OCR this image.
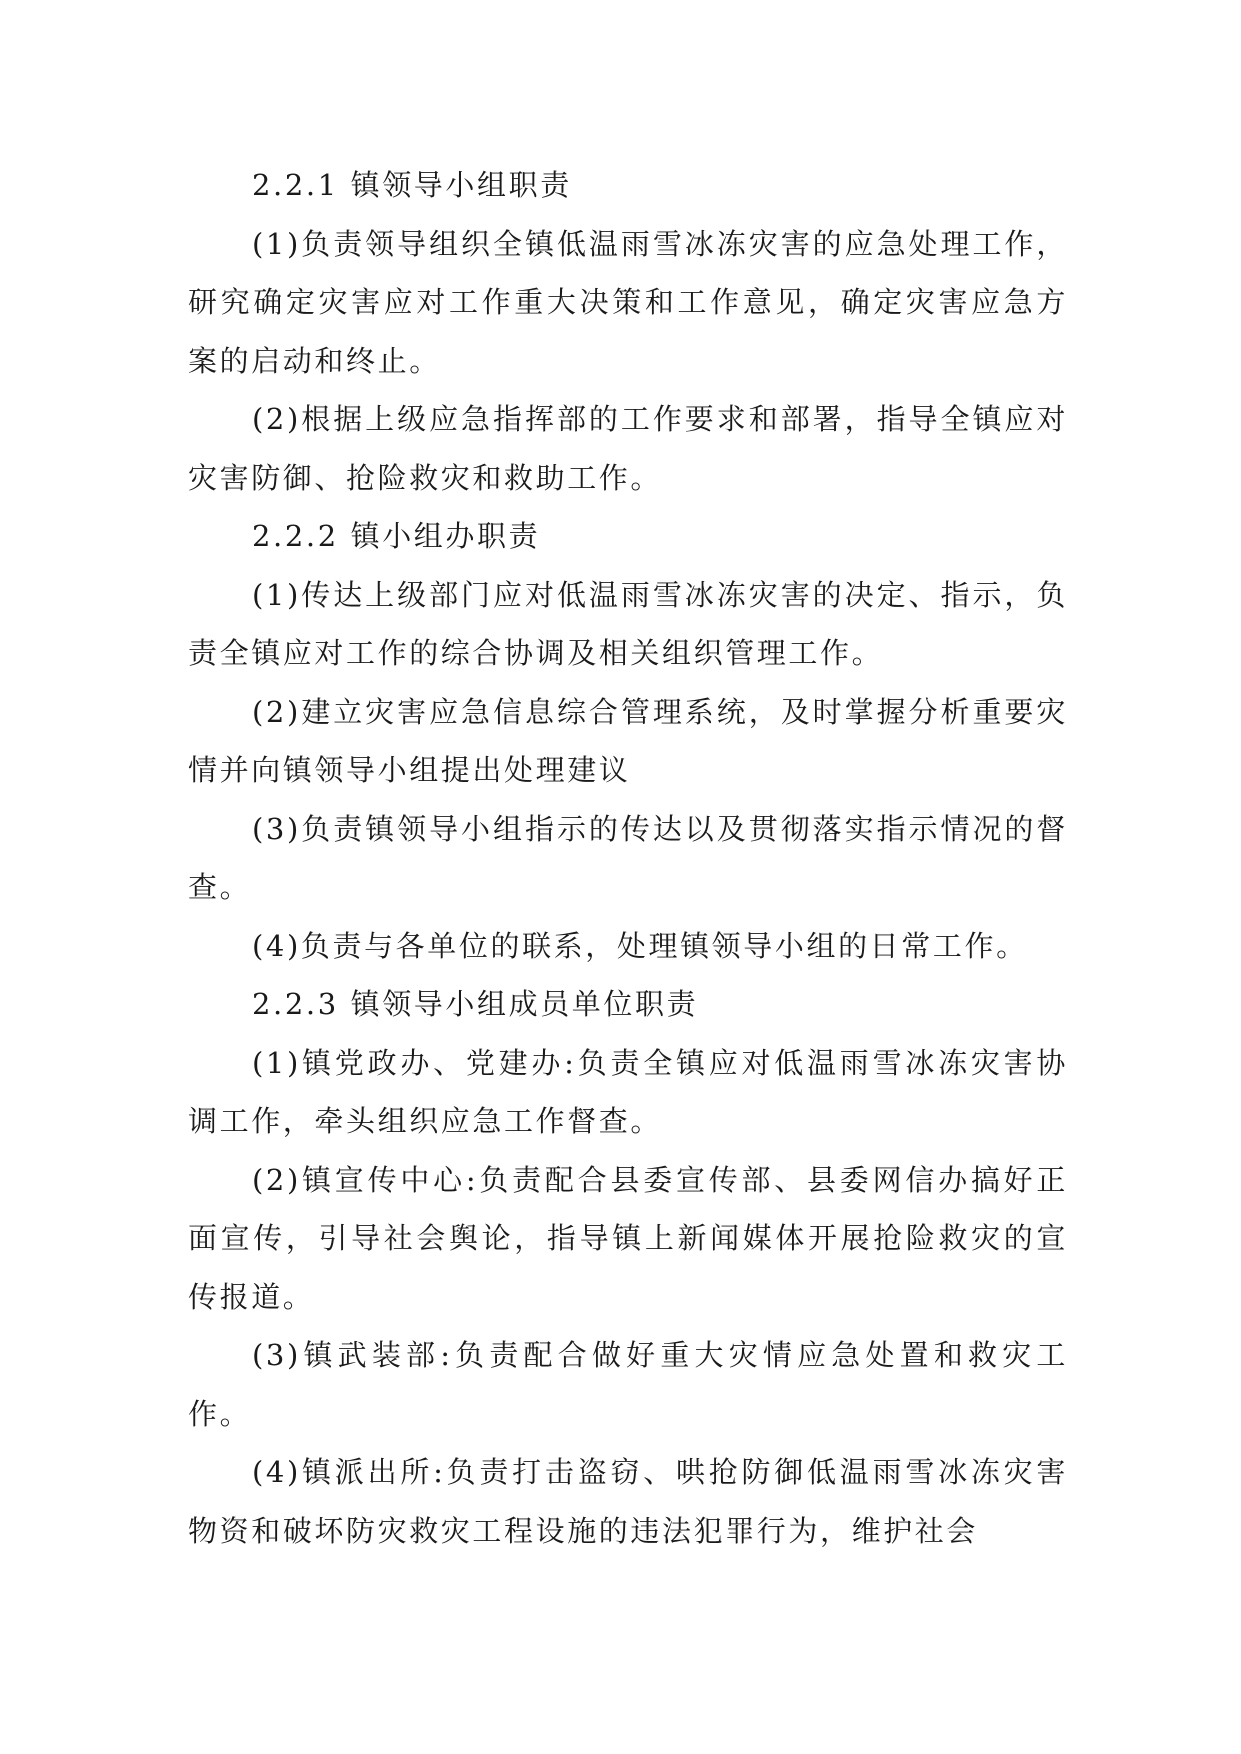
2.2.1 镇领导小组职责

(1)负责领导组织全镇低温雨雪冰冻灾害的应急处理工作，研究确定灾害应对工作重大决策和工作意见，确定灾害应急方案的启动和终止。

(2)根据上级应急指挥部的工作要求和部署，指导全镇应对灾害防御、抢险救灾和救助工作。

2.2.2 镇小组办职责

(1)传达上级部门应对低温雨雪冰冻灾害的决定、指示，负责全镇应对工作的综合协调及相关组织管理工作。

(2)建立灾害应急信息综合管理系统，及时掌握分析重要灾情并向镇领导小组提出处理建议

(3)负责镇领导小组指示的传达以及贯彻落实指示情况的督查。

(4)负责与各单位的联系，处理镇领导小组的日常工作。

2.2.3 镇领导小组成员单位职责

(1)镇党政办、党建办:负责全镇应对低温雨雪冰冻灾害协调工作，牵头组织应急工作督查。

(2)镇宣传中心:负责配合县委宣传部、县委网信办搞好正面宣传，引导社会舆论，指导镇上新闻媒体开展抢险救灾的宣传报道。

(3)镇武装部:负责配合做好重大灾情应急处置和救灾工作。

(4)镇派出所:负责打击盗窃、哄抢防御低温雨雪冰冻灾害物资和破坏防灾救灾工程设施的违法犯罪行为，维护社会
